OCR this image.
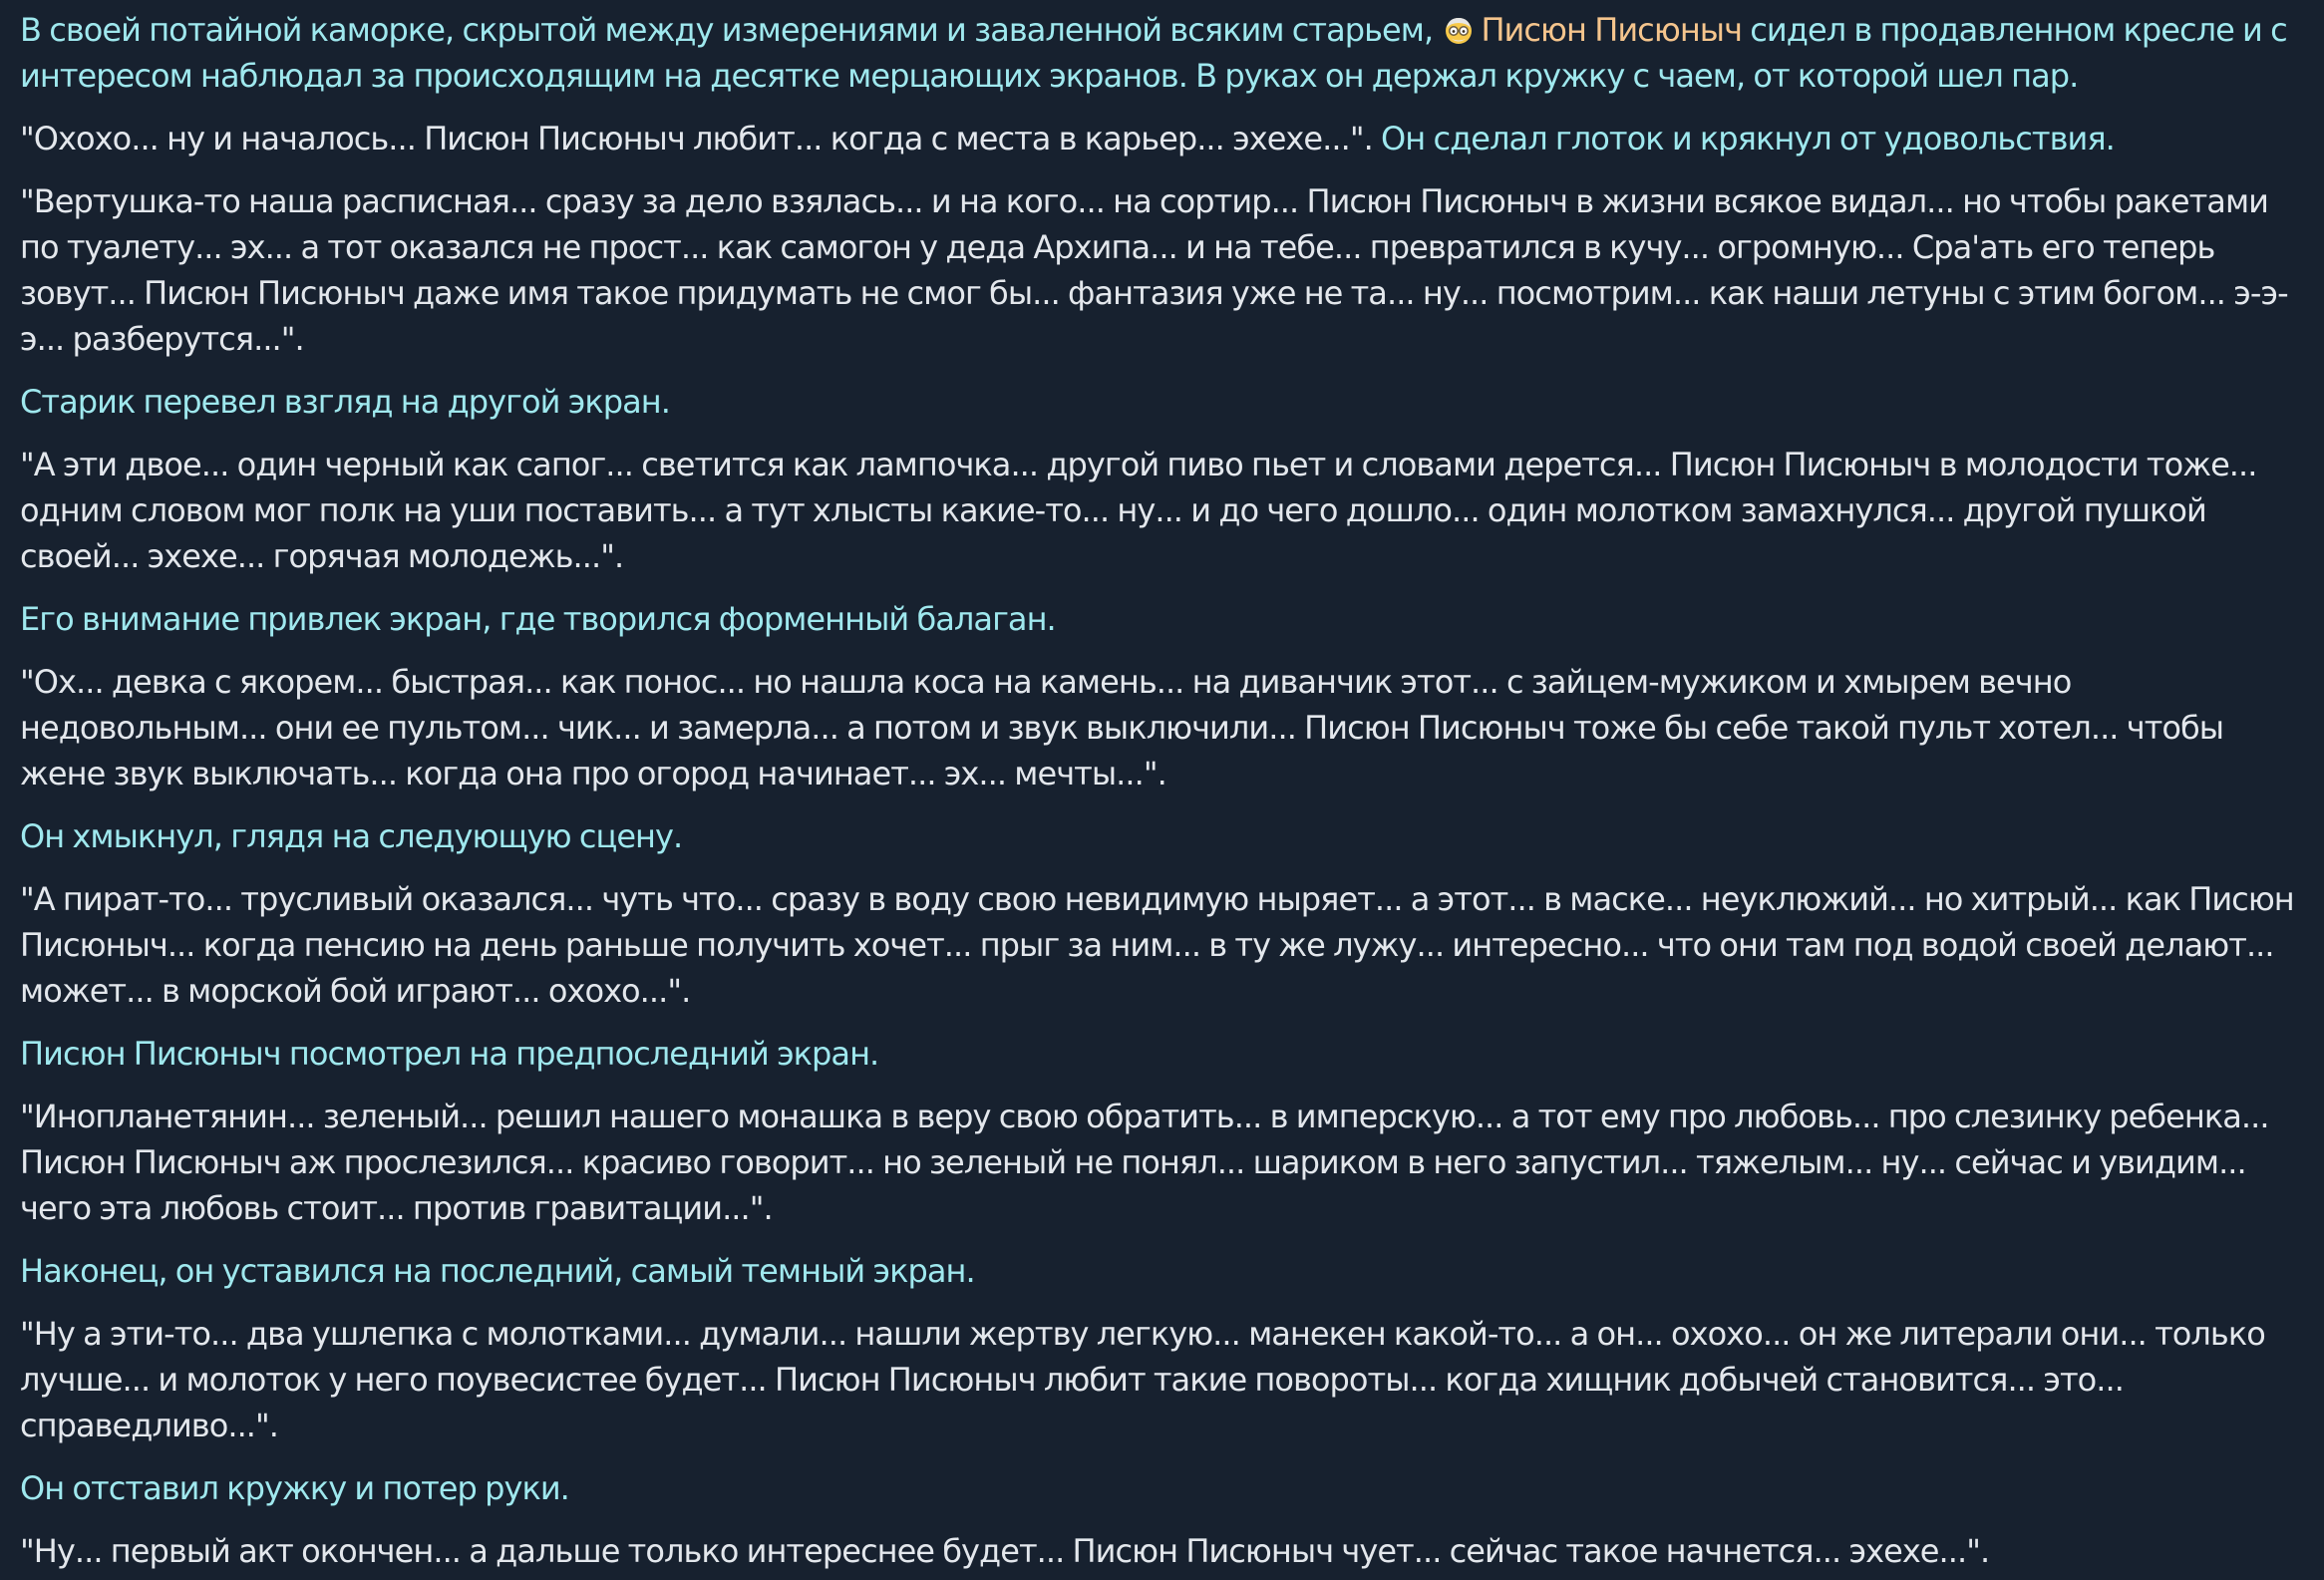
В своей потайной каморке, скрытой между измерениями и заваленной всяким старьем, Писюн Писюныч сидел в продавленном кресле и с интересом наблюдал за происходящим на десятке мерцающих экранов. В руках он держал кружку с чаем, от которой шел пар.

"Охохо... ну и началось... Писюн Писюныч любит... когда с места в карьер... эхехе...". Он сделал глоток и крякнул от удовольствия.

"Вертушка-то наша расписная... сразу за дело взялась... и на кого... на сортир... Писюн Писюныч в жизни всякое видал... но чтобы ракетами по туалету... эх... а тот оказался не прост... как самогон у деда Архипа... и на тебе... превратился в кучу... огромную... Сра'ать его теперь зовут... Писюн Писюныч даже имя такое придумать не смог бы... фантазия уже не та... ну... посмотрим... как наши летуны с этим богом... э-э-э... разберутся...".

Старик перевел взгляд на другой экран.

"А эти двое... один черный как сапог... светится как лампочка... другой пиво пьет и словами дерется... Писюн Писюныч в молодости тоже... одним словом мог полк на уши поставить... а тут хлысты какие-то... ну... и до чего дошло... один молотком замахнулся... другой пушкой своей... эхехе... горячая молодежь...".

Его внимание привлек экран, где творился форменный балаган.

"Ох... девка с якорем... быстрая... как понос... но нашла коса на камень... на диванчик этот... с зайцем-мужиком и хмырем вечно недовольным... они ее пультом... чик... и замерла... а потом и звук выключили... Писюн Писюныч тоже бы себе такой пульт хотел... чтобы жене звук выключать... когда она про огород начинает... эх... мечты...".

Он хмыкнул, глядя на следующую сцену.

"А пират-то... трусливый оказался... чуть что... сразу в воду свою невидимую ныряет... а этот... в маске... неуклюжий... но хитрый... как Писюн Писюныч... когда пенсию на день раньше получить хочет... прыг за ним... в ту же лужу... интересно... что они там под водой своей делают... может... в морской бой играют... охохо...".

Писюн Писюныч посмотрел на предпоследний экран.

"Инопланетянин... зеленый... решил нашего монашка в веру свою обратить... в имперскую... а тот ему про любовь... про слезинку ребенка... Писюн Писюныч аж прослезился... красиво говорит... но зеленый не понял... шариком в него запустил... тяжелым... ну... сейчас и увидим... чего эта любовь стоит... против гравитации...".

Наконец, он уставился на последний, самый темный экран.

"Ну а эти-то... два ушлепка с молотками... думали... нашли жертву легкую... манекен какой-то... а он... охохо... он же литерали они... только лучше... и молоток у него поувесистее будет... Писюн Писюныч любит такие повороты... когда хищник добычей становится... это... справедливо...".

Он отставил кружку и потер руки.

"Ну... первый акт окончен... а дальше только интереснее будет... Писюн Писюныч чует... сейчас такое начнется... эхехе...".
